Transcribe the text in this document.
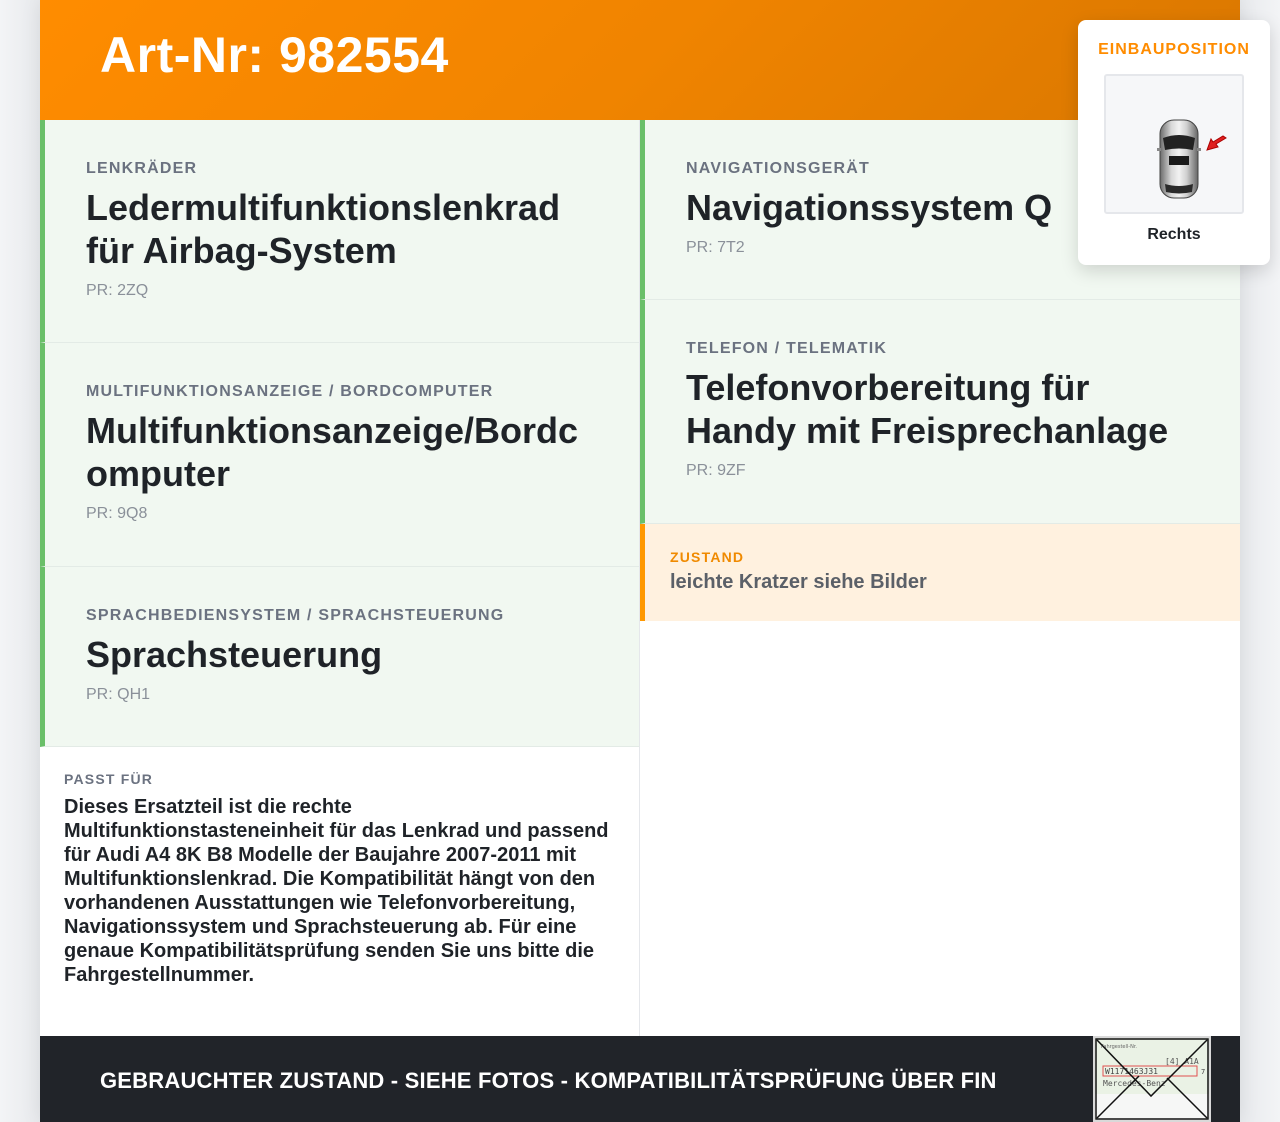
Art-Nr: 982554
LENKRÄDER
Ledermultifunktionslenkrad für Airbag-System
PR: 2ZQ
MULTIFUNKTIONSANZEIGE / BORDCOMPUTER
Multifunktionsanzeige/Bordcomputer
PR: 9Q8
SPRACHBEDIENSYSTEM / SPRACHSTEUERUNG
Sprachsteuerung
PR: QH1
PASST FÜR
Dieses Ersatzteil ist die rechte Multifunktionstasteneinheit für das Lenkrad und passend für Audi A4 8K B8 Modelle der Baujahre 2007-2011 mit Multifunktionslenkrad. Die Kompatibilität hängt von den vorhandenen Ausstattungen wie Telefonvorbereitung, Navigationssystem und Sprachsteuerung ab. Für eine genaue Kompatibilitätsprüfung senden Sie uns bitte die Fahrgestellnummer.
NAVIGATIONSGERÄT
Navigationssystem Q
PR: 7T2
TELEFON / TELEMATIK
Telefonvorbereitung für Handy mit Freisprechanlage
PR: 9ZF
ZUSTAND
leichte Kratzer siehe Bilder
GEBRAUCHTER ZUSTAND - SIEHE FOTOS - KOMPATIBILITÄTSPRÜFUNG ÜBER FIN
Fahrgestell-Nr.
[4] A1A
W1171463J31	7
Mercedes-Benz
EINBAUPOSITION
Rechts
